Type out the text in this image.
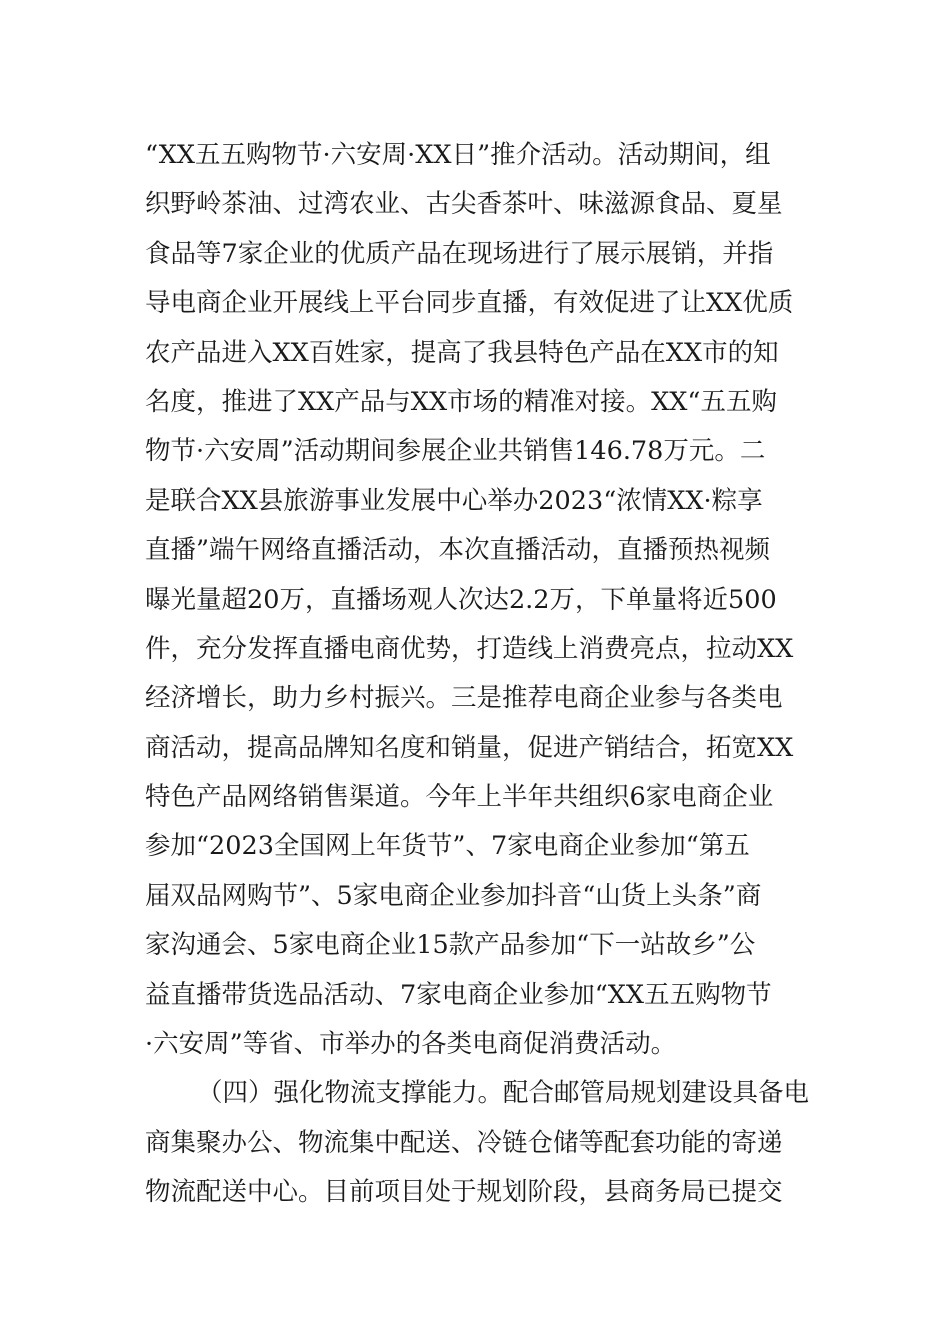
“XX五五购物节·六安周·XX日”推介活动。活动期间，组
织野岭茶油、过湾农业、古尖香茶叶、味滋源食品、夏星
食品等7家企业的优质产品在现场进行了展示展销，并指
导电商企业开展线上平台同步直播，有效促进了让XX优质
农产品进入XX百姓家，提高了我县特色产品在XX市的知
名度，推进了XX产品与XX市场的精准对接。XX“五五购
物节·六安周”活动期间参展企业共销售146.78万元。二
是联合XX县旅游事业发展中心举办2023“浓情XX·粽享
直播”端午网络直播活动，本次直播活动，直播预热视频
曝光量超20万，直播场观人次达2.2万，下单量将近500
件，充分发挥直播电商优势，打造线上消费亮点，拉动XX
经济增长，助力乡村振兴。三是推荐电商企业参与各类电
商活动，提高品牌知名度和销量，促进产销结合，拓宽XX
特色产品网络销售渠道。今年上半年共组织6家电商企业
参加“2023全国网上年货节”、7家电商企业参加“第五
届双品网购节”、5家电商企业参加抖音“山货上头条”商
家沟通会、5家电商企业15款产品参加“下一站故乡”公
益直播带货选品活动、7家电商企业参加“XX五五购物节
·六安周”等省、市举办的各类电商促消费活动。
（四）强化物流支撑能力。配合邮管局规划建设具备电
商集聚办公、物流集中配送、冷链仓储等配套功能的寄递
物流配送中心。目前项目处于规划阶段，县商务局已提交
